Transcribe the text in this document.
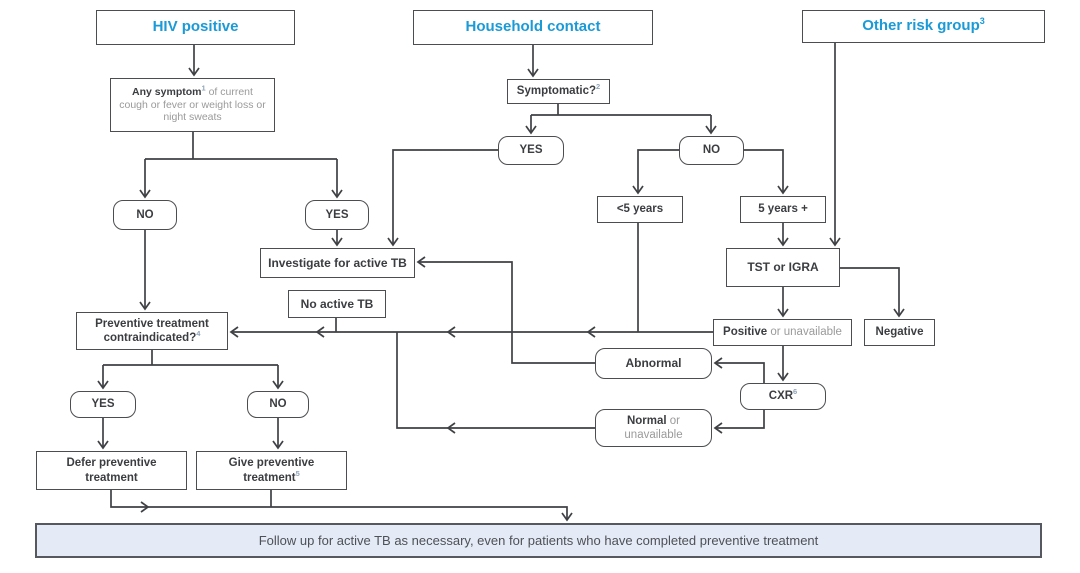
HIV positive	Household contact	Other risk group$^3$
Any symptom$^1$ of current cough or fever or weight loss or night sweats
Symptomatic?$^2$
NO	YES
YES	NO
<5 years	5 years +
TST or IGRA
Investigate for active TB
No active TB
Preventive treatment
contraindicated?$^4$	Positive or unavailable	Negative
Abnormal
CXR$^6$
Normal or
unavailable
YES	NO
Defer preventive
treatment
Give preventive
treatment$^5$
Follow up for active TB as necessary, even for patients who have completed preventive treatment
